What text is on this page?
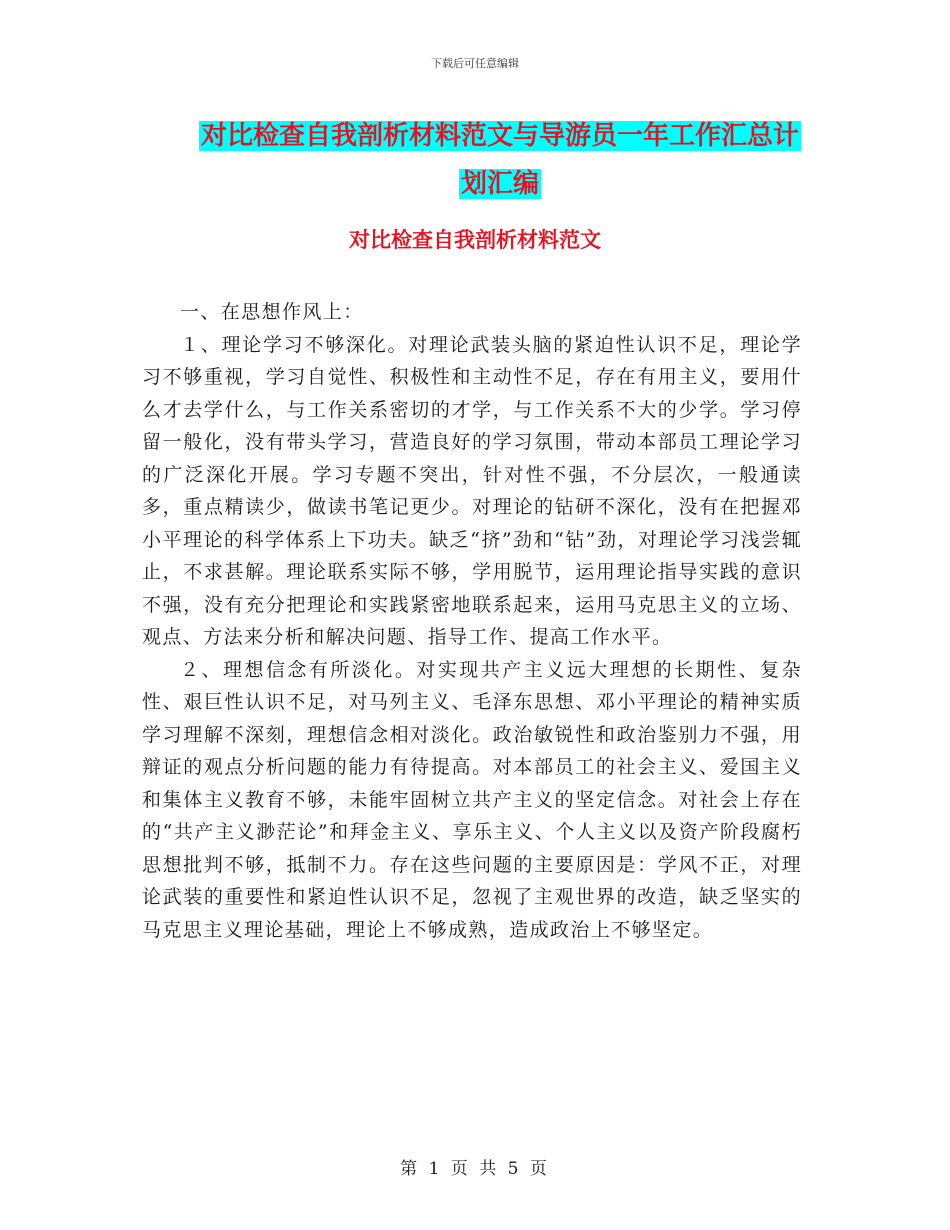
下载后可任意编辑
对比检查自我剖析材料范文与导游员一年工作汇总计
划汇编
对比检查自我剖析材料范文

一、在思想作风上：

１、理论学习不够深化。对理论武装头脑的紧迫性认识不足，理论学习不够重视，学习自觉性、积极性和主动性不足，存在有用主义，要用什么才去学什么，与工作关系密切的才学，与工作关系不大的少学。学习停留一般化，没有带头学习，营造良好的学习氛围，带动本部员工理论学习的广泛深化开展。学习专题不突出，针对性不强，不分层次，一般通读多，重点精读少，做读书笔记更少。对理论的钻研不深化，没有在把握邓小平理论的科学体系上下功夫。缺乏“挤”劲和“钻”劲，对理论学习浅尝辄止，不求甚解。理论联系实际不够，学用脱节，运用理论指导实践的意识不强，没有充分把理论和实践紧密地联系起来，运用马克思主义的立场、观点、方法来分析和解决问题、指导工作、提高工作水平。

２、理想信念有所淡化。对实现共产主义远大理想的长期性、复杂性、艰巨性认识不足，对马列主义、毛泽东思想、邓小平理论的精神实质学习理解不深刻，理想信念相对淡化。政治敏锐性和政治鉴别力不强，用辩证的观点分析问题的能力有待提高。对本部员工的社会主义、爱国主义和集体主义教育不够，未能牢固树立共产主义的坚定信念。对社会上存在的“共产主义渺茫论”和拜金主义、享乐主义、个人主义以及资产阶段腐朽思想批判不够，抵制不力。存在这些问题的主要原因是：学风不正，对理论武装的重要性和紧迫性认识不足，忽视了主观世界的改造，缺乏坚实的马克思主义理论基础，理论上不够成熟，造成政治上不够坚定。

第 1 页 共 5 页
